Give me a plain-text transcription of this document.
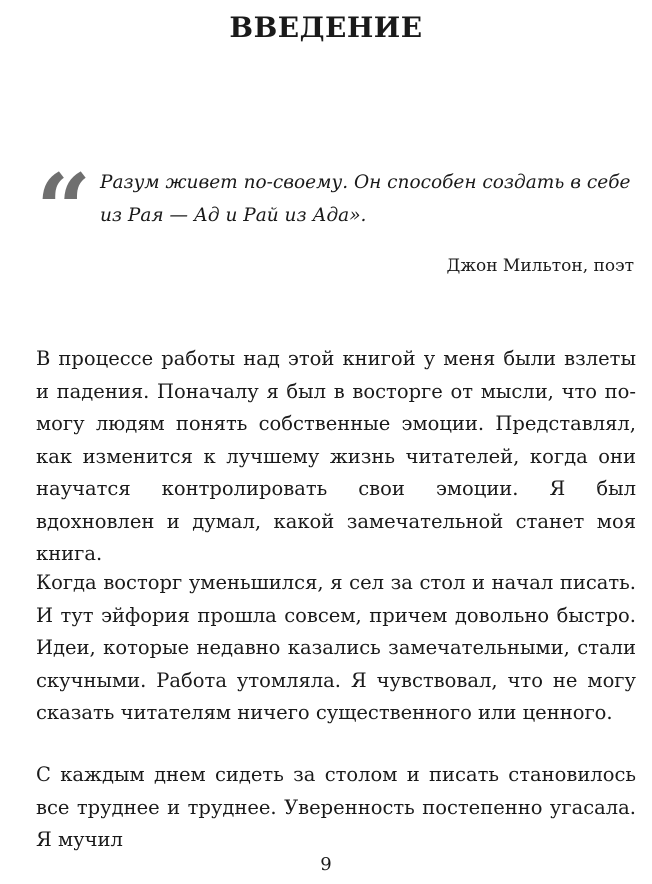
ВВЕДЕНИЕ
“ Разум живет по-своему. Он способен создать в себе из Рая — Ад и Рай из Ада».

Джон Мильтон, поэт

В процессе работы над этой книгой у меня были взлеты и падения. Поначалу я был в восторге от мысли, что помогу людям понять собственные эмоции. Представлял, как изменится к лучшему жизнь читателей, когда они научатся контролировать свои эмоции. Я был вдохновлен и думал, какой замечательной станет моя книга.

Когда восторг уменьшился, я сел за стол и начал писать. И тут эйфория прошла совсем, причем довольно быстро. Идеи, которые недавно казались замечательными, стали скучными. Работа утомляла. Я чувствовал, что не могу сказать читателям ничего существенного или ценного.

С каждым днем сидеть за столом и писать становилось все труднее и труднее. Уверенность постепенно угасала. Я мучил

9
